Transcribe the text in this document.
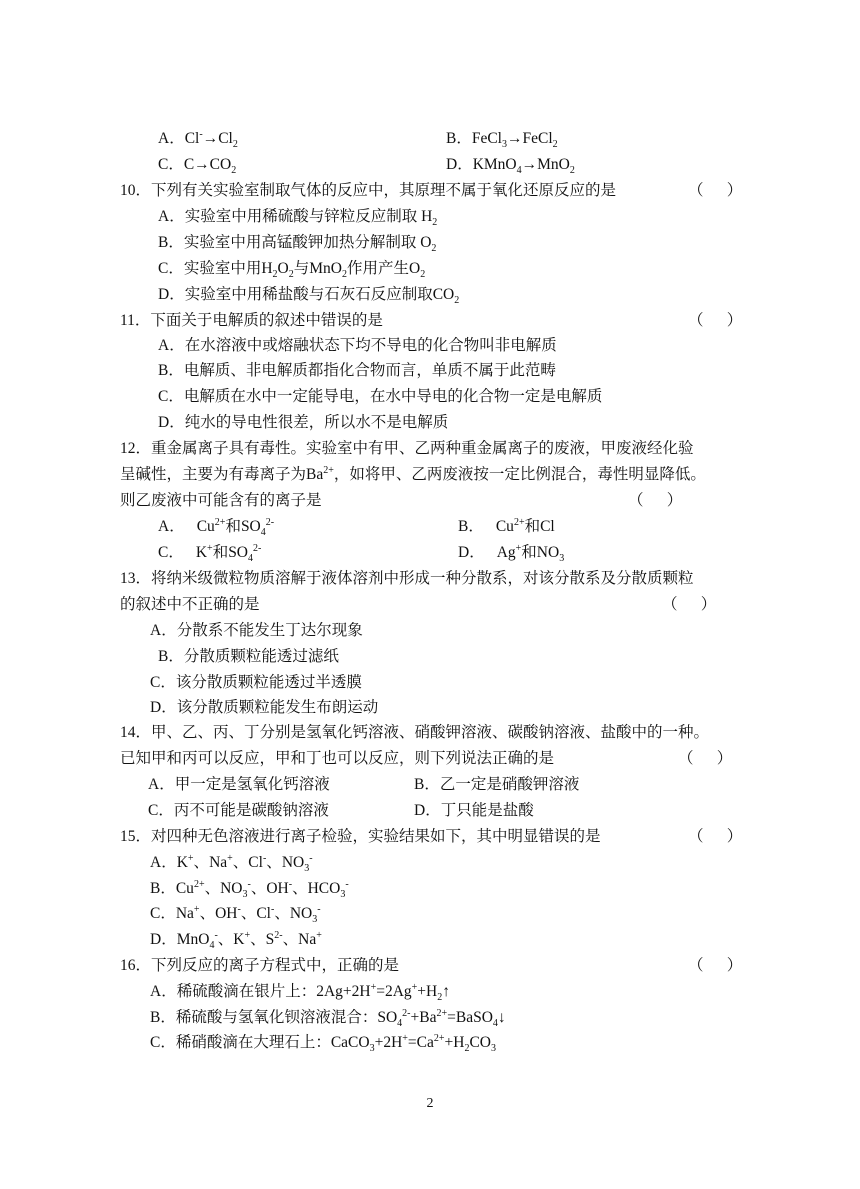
A．$Cl^-\to Cl_2$	B．FeCl$_3$→FeCl$_2$
C．$C\to CO_2$	D．KMnO$_4$→MnO$_2$
10．下列有关实验室制取气体的反应中，其原理不属于氧化还原反应的是	（      ）
A．实验室中用稀硫酸与锌粒反应制取 $H_2$
B．实验室中用高锰酸钾加热分解制取 $O_2$
C．实验室中用$H_2O_2$与MnO$_2$作用产生$O_2$
D．实验室中用稀盐酸与石灰石反应制取$CO_2$
11．下面关于电解质的叙述中错误的是	（      ）
A．在水溶液中或熔融状态下均不导电的化合物叫非电解质
B．电解质、非电解质都指化合物而言，单质不属于此范畴
C．电解质在水中一定能导电，在水中导电的化合物一定是电解质
D．纯水的导电性很差，所以水不是电解质
12．重金属离子具有毒性。实验室中有甲、乙两种重金属离子的废液，甲废液经化验
呈碱性，主要为有毒离子为$Ba^{2+}$，如将甲、乙两废液按一定比例混合，毒性明显降低。
则乙废液中可能含有的离子是	（      ）
A． $Cu^{2+}$和$SO_4^{2-}$	B． $Cu^{2+}$和Cl
C． K+和$SO_4^{2-}$	D． Ag+和$NO_3$
13．将纳米级微粒物质溶解于液体溶剂中形成一种分散系，对该分散系及分散质颗粒
的叙述中不正确的是	（      ）
A．分散系不能发生丁达尔现象
B．分散质颗粒能透过滤纸
C．该分散质颗粒能透过半透膜
D．该分散质颗粒能发生布朗运动
14．甲、乙、丙、丁分别是氢氧化钙溶液、硝酸钾溶液、碳酸钠溶液、盐酸中的一种。
已知甲和丙可以反应，甲和丁也可以反应，则下列说法正确的是	（      ）
A．甲一定是氢氧化钙溶液	B．乙一定是硝酸钾溶液
C．丙不可能是碳酸钠溶液	D．丁只能是盐酸
15．对四种无色溶液进行离子检验，实验结果如下，其中明显错误的是	（      ）
A．K+、Na+、Cl-、$NO_3^-$
B．$Cu^{2+}$、$NO_3^-$、OH-、$HCO_3^-$
C．Na+、OH-、Cl-、$NO_3^-$
D．MnO$_4$-、K+、$S^{2-}$、Na+
16．下列反应的离子方程式中，正确的是	（      ）
A．稀硫酸滴在银片上：$2Ag+2H^+=2Ag^++H_2↑$
B．稀硫酸与氢氧化钡溶液混合：$SO_4^{2-}+Ba^{2+}=BaSO_4↓$
C．稀硝酸滴在大理石上：$CaCO_3+2H^+=Ca^{2+}+H_2CO_3$
2
